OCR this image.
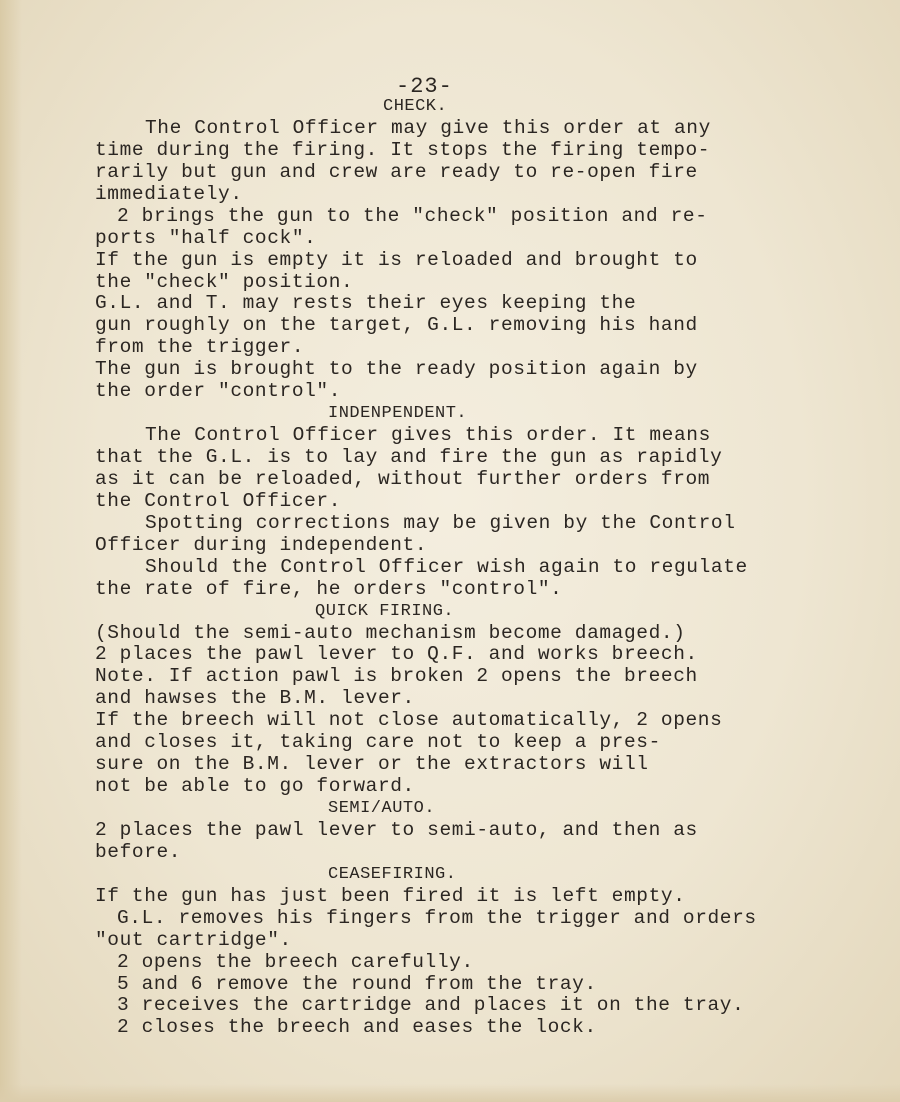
-23-
CHECK.
The Control Officer may give this order at any
time during the firing. It stops the firing tempo-
rarily but gun and crew are ready to re-open fire
immediately.
2 brings the gun to the "check" position and re-
ports "half cock".
If the gun is empty it is reloaded and brought to
the "check" position.
G.L. and T. may rests their eyes keeping the
gun roughly on the target, G.L. removing his hand
from the trigger.
The gun is brought to the ready position again by
the order "control".
INDENPENDENT.
The Control Officer gives this order. It means
that the G.L. is to lay and fire the gun as rapidly
as it can be reloaded, without further orders from
the Control Officer.
Spotting corrections may be given by the Control
Officer during independent.
Should the Control Officer wish again to regulate
the rate of fire, he orders "control".
QUICK FIRING.
(Should the semi-auto mechanism become damaged.)
2 places the pawl lever to Q.F. and works breech.
Note. If action pawl is broken 2 opens the breech
and hawses the B.M. lever.
If the breech will not close automatically, 2 opens
and closes it, taking care not to keep a pres-
sure on the B.M. lever or the extractors will
not be able to go forward.
SEMI/AUTO.
2 places the pawl lever to semi-auto, and then as
before.
CEASEFIRING.
If the gun has just been fired it is left empty.
G.L. removes his fingers from the trigger and orders
"out cartridge".
2 opens the breech carefully.
5 and 6 remove the round from the tray.
3 receives the cartridge and places it on the tray.
2 closes the breech and eases the lock.
